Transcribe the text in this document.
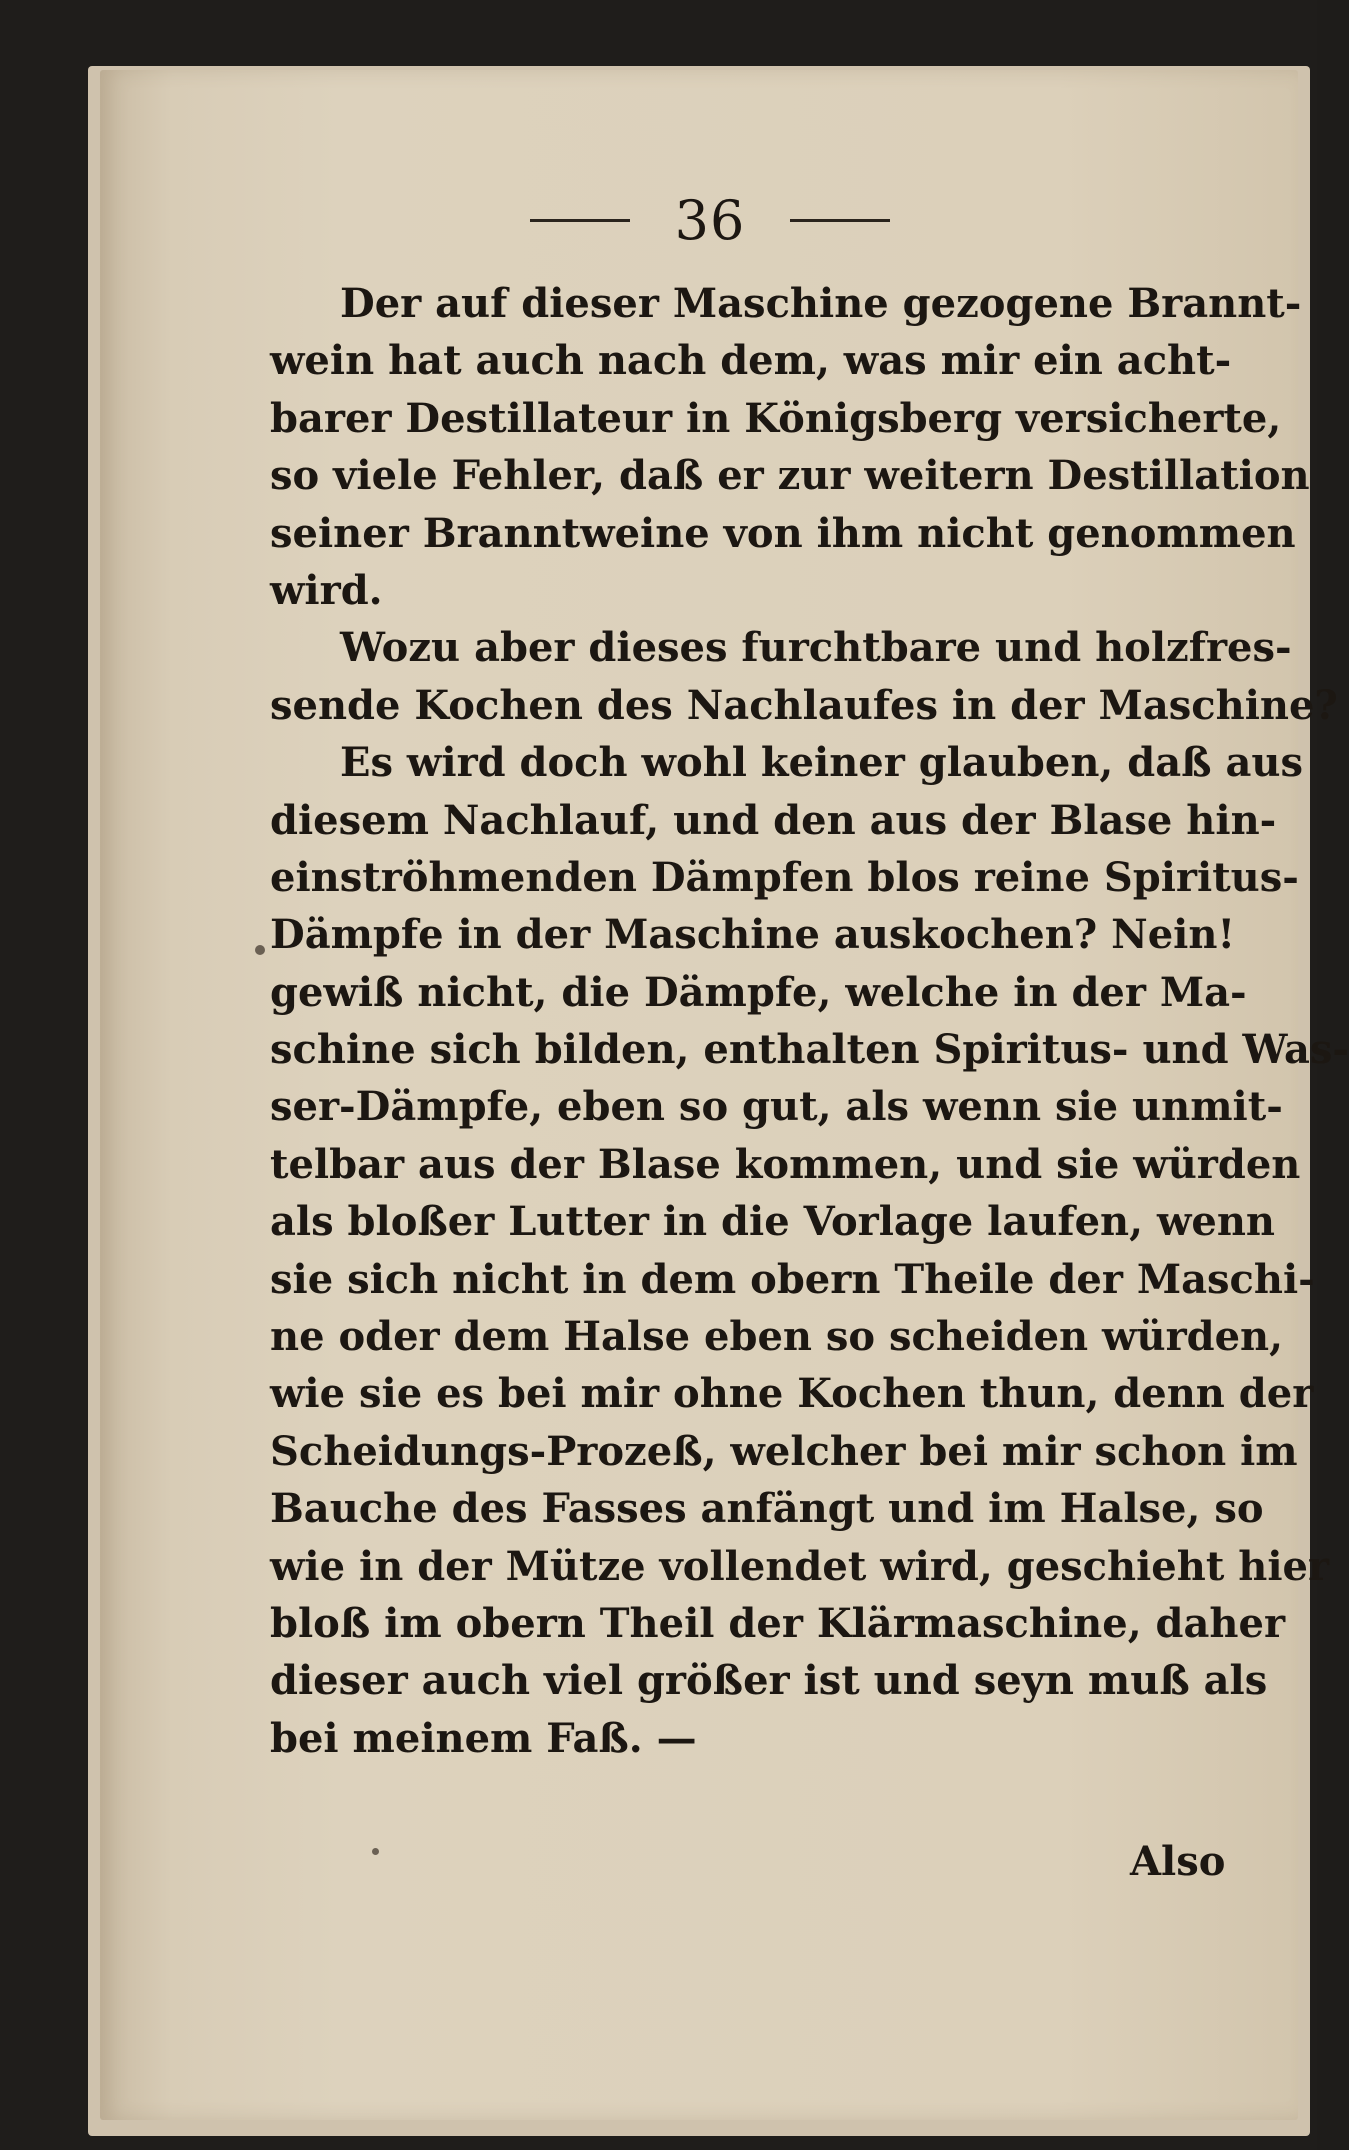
36
Der auf dieser Maschine gezogene Brannt-
wein hat auch nach dem, was mir ein acht-
barer Destillateur in Königsberg versicherte,
so viele Fehler, daß er zur weitern Destillation
seiner Branntweine von ihm nicht genommen
wird.
Wozu aber dieses furchtbare und holzfres-
sende Kochen des Nachlaufes in der Maschine?
Es wird doch wohl keiner glauben, daß aus
diesem Nachlauf, und den aus der Blase hin-
einströhmenden Dämpfen blos reine Spiritus-
Dämpfe in der Maschine auskochen? Nein!
gewiß nicht, die Dämpfe, welche in der Ma-
schine sich bilden, enthalten Spiritus- und Was-
ser-Dämpfe, eben so gut, als wenn sie unmit-
telbar aus der Blase kommen, und sie würden
als bloßer Lutter in die Vorlage laufen, wenn
sie sich nicht in dem obern Theile der Maschi-
ne oder dem Halse eben so scheiden würden,
wie sie es bei mir ohne Kochen thun, denn der
Scheidungs-Prozeß, welcher bei mir schon im
Bauche des Fasses anfängt und im Halse, so
wie in der Mütze vollendet wird, geschieht hier
bloß im obern Theil der Klärmaschine, daher
dieser auch viel größer ist und seyn muß als
bei meinem Faß. —
Also
